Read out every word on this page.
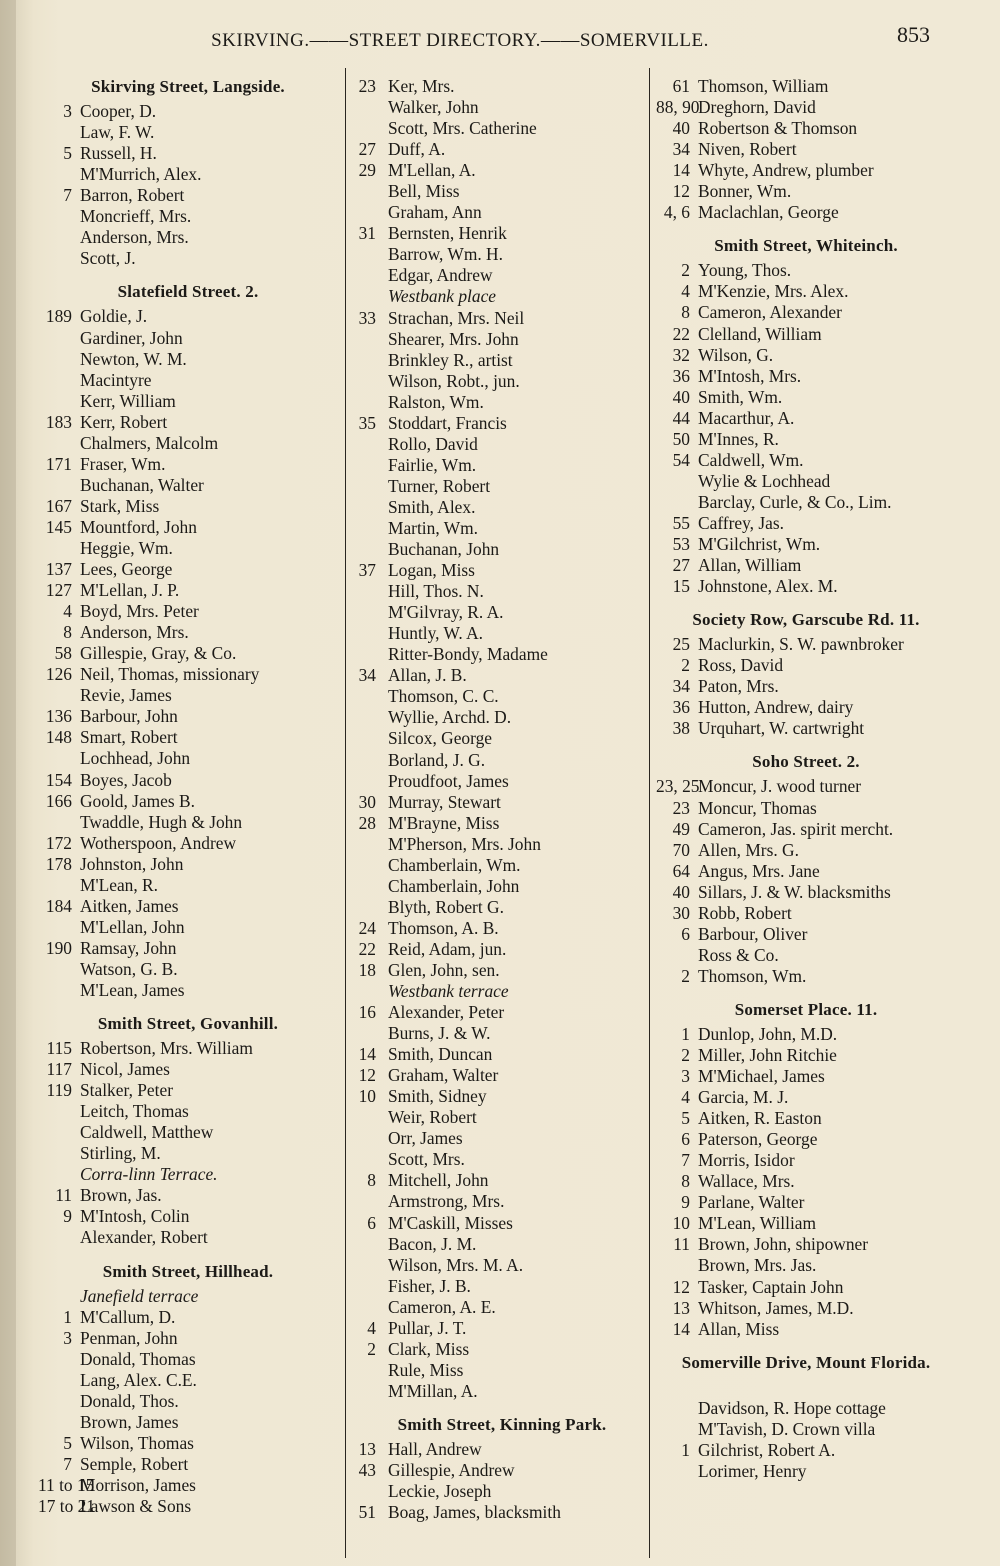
SKIRVING.——STREET DIRECTORY.——SOMERVILLE.	853
Skirving Street, Langside.
3 Cooper, D.
Law, F. W.
5 Russell, H.
M'Murrich, Alex.
7 Barron, Robert
Moncrieff, Mrs.
Anderson, Mrs.
Scott, J.
Slatefield Street. 2.
189 Goldie, J.
Gardiner, John
Newton, W. M.
Macintyre
Kerr, William
183 Kerr, Robert
Chalmers, Malcolm
171 Fraser, Wm.
Buchanan, Walter
167 Stark, Miss
145 Mountford, John
Heggie, Wm.
137 Lees, George
127 M'Lellan, J. P.
4 Boyd, Mrs. Peter
8 Anderson, Mrs.
58 Gillespie, Gray, & Co.
126 Neil, Thomas, missionary
Revie, James
136 Barbour, John
148 Smart, Robert
Lochhead, John
154 Boyes, Jacob
166 Goold, James B.
Twaddle, Hugh & John
172 Wotherspoon, Andrew
178 Johnston, John
M'Lean, R.
184 Aitken, James
M'Lellan, John
190 Ramsay, John
Watson, G. B.
M'Lean, James
Smith Street, Govanhill.
115 Robertson, Mrs. William
117 Nicol, James
119 Stalker, Peter
Leitch, Thomas
Caldwell, Matthew
Stirling, M.
Corra-linn Terrace.
11 Brown, Jas.
9 M'Intosh, Colin
Alexander, Robert
Smith Street, Hillhead.
Janefield terrace
1 M'Callum, D.
3 Penman, John
Donald, Thomas
Lang, Alex. C.E.
Donald, Thos.
Brown, James
5 Wilson, Thomas
7 Semple, Robert
11 to 15
Morrison, James
17 to 21
Lawson & Sons
23 Ker, Mrs.
Walker, John
Scott, Mrs. Catherine
27 Duff, A.
29 M'Lellan, A.
Bell, Miss
Graham, Ann
31 Bernsten, Henrik
Barrow, Wm. H.
Edgar, Andrew
Westbank place
33 Strachan, Mrs. Neil
Shearer, Mrs. John
Brinkley R., artist
Wilson, Robt., jun.
Ralston, Wm.
35 Stoddart, Francis
Rollo, David
Fairlie, Wm.
Turner, Robert
Smith, Alex.
Martin, Wm.
Buchanan, John
37 Logan, Miss
Hill, Thos. N.
M'Gilvray, R. A.
Huntly, W. A.
Ritter-Bondy, Madame
34 Allan, J. B.
Thomson, C. C.
Wyllie, Archd. D.
Silcox, George
Borland, J. G.
Proudfoot, James
30 Murray, Stewart
28 M'Brayne, Miss
M'Pherson, Mrs. John
Chamberlain, Wm.
Chamberlain, John
Blyth, Robert G.
24 Thomson, A. B.
22 Reid, Adam, jun.
18 Glen, John, sen.
Westbank terrace
16 Alexander, Peter
Burns, J. & W.
14 Smith, Duncan
12 Graham, Walter
10 Smith, Sidney
Weir, Robert
Orr, James
Scott, Mrs.
8 Mitchell, John
Armstrong, Mrs.
6 M'Caskill, Misses
Bacon, J. M.
Wilson, Mrs. M. A.
Fisher, J. B.
Cameron, A. E.
4 Pullar, J. T.
2 Clark, Miss
Rule, Miss
M'Millan, A.
Smith Street, Kinning Park.
13 Hall, Andrew
43 Gillespie, Andrew
Leckie, Joseph
51 Boag, James, blacksmith
61 Thomson, William
88, 90
Dreghorn, David
40 Robertson & Thomson
34 Niven, Robert
14 Whyte, Andrew, plumber
12 Bonner, Wm.
4, 6 Maclachlan, George
Smith Street, Whiteinch.
2 Young, Thos.
4 M'Kenzie, Mrs. Alex.
8 Cameron, Alexander
22 Clelland, William
32 Wilson, G.
36 M'Intosh, Mrs.
40 Smith, Wm.
44 Macarthur, A.
50 M'Innes, R.
54 Caldwell, Wm.
Wylie & Lochhead
Barclay, Curle, & Co., Lim.
55 Caffrey, Jas.
53 M'Gilchrist, Wm.
27 Allan, William
15 Johnstone, Alex. M.
Society Row, Garscube Rd. 11.
25 Maclurkin, S. W. pawnbroker
2 Ross, David
34 Paton, Mrs.
36 Hutton, Andrew, dairy
38 Urquhart, W. cartwright
Soho Street. 2.
23, 25
Moncur, J. wood turner
23 Moncur, Thomas
49 Cameron, Jas. spirit mercht.
70 Allen, Mrs. G.
64 Angus, Mrs. Jane
40 Sillars, J. & W. blacksmiths
30 Robb, Robert
6 Barbour, Oliver
Ross & Co.
2 Thomson, Wm.
Somerset Place. 11.
1 Dunlop, John, M.D.
2 Miller, John Ritchie
3 M'Michael, James
4 Garcia, M. J.
5 Aitken, R. Easton
6 Paterson, George
7 Morris, Isidor
8 Wallace, Mrs.
9 Parlane, Walter
10 M'Lean, William
11 Brown, John, shipowner
Brown, Mrs. Jas.
12 Tasker, Captain John
13 Whitson, James, M.D.
14 Allan, Miss
Somerville Drive, Mount Florida.
Davidson, R. Hope cottage
M'Tavish, D. Crown villa
1 Gilchrist, Robert A.
Lorimer, Henry
